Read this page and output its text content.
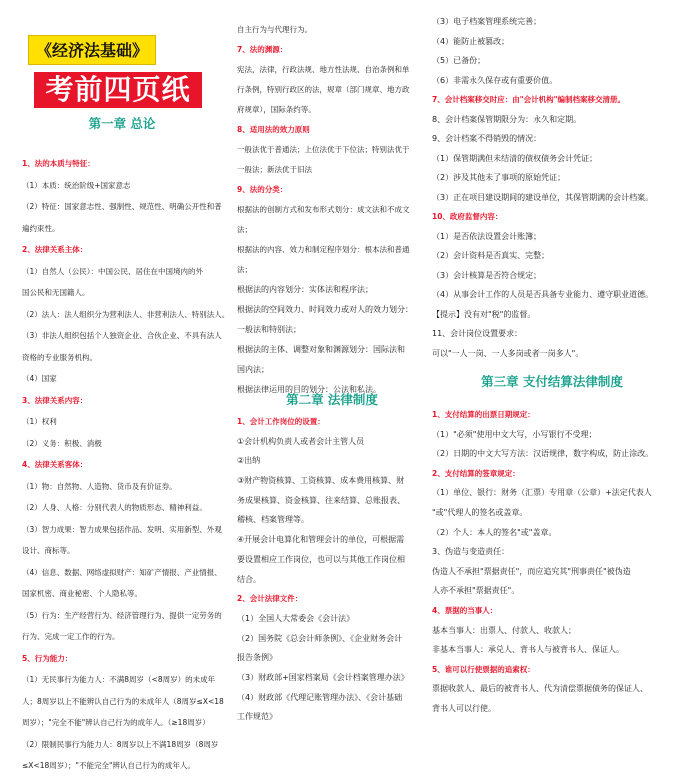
《经济法基础》
考前四页纸
第一章 总论
第二章 法律制度
第三章 支付结算法律制度
1、法的本质与特征：
（1）本质：统治阶级+国家意志
（2）特征：国家意志性、强制性、规范性、明确公开性和普
遍约束性。
2、法律关系主体：
（1）自然人（公民）：中国公民、居住在中国境内的外
国公民和无国籍人。
（2）法人：法人组织分为营利法人、非营利法人、特别法人。
（3）非法人组织包括个人独资企业、合伙企业、不具有法人
资格的专业服务机构。
（4）国家
3、法律关系内容：
（1）权利
（2）义务：积极、消极
4、法律关系客体：
（1）物：自然物、人造物、货币及有价证券。
（2）人身、人格：分别代表人的物质形态、精神利益。
（3）智力成果：智力成果包括作品、发明、实用新型、外观
设计、商标等。
（4）信息、数据、网络虚拟财产：知矿产情报、产业情报、
国家机密、商业秘密、个人隐私等。
（5）行为：生产经营行为、经济管理行为、提供一定劳务的
行为、完成一定工作的行为。
5、行为能力：
（1）无民事行为能力人：不满8周岁（<8周岁）的未成年
人；8周岁以上不能辨认自己行为的未成年人（8周岁≤X<18
周岁）；"完全不能"辨认自己行为的成年人。（≥18周岁）
（2）限制民事行为能力人：8周岁以上不满18周岁（8周岁
≤X<18周岁）；"不能完全"辨认自己行为的成年人。
自主行为与代理行为。
7、法的渊源：
宪法，法律，行政法规、地方性法规、自治条例和单
行条例，特别行政区的法，规章（部门规章、地方政
府规章），国际条约等。
8、适用法的效力原则
一般法优于普通法；上位法优于下位法；特别法优于
一般法；新法优于旧法
9、法的分类：
根据法的创制方式和发布形式划分：成文法和不成文
法；
根据法的内容、效力和制定程序划分：根本法和普通
法；
根据法的内容划分：实体法和程序法；
根据法的空间效力、时间效力或对人的效力划分：
一般法和特别法；
根据法的主体、调整对象和渊源划分：国际法和
国内法；
根据法律运用的目的划分：公法和私法。
1、会计工作岗位的设置：
①会计机构负责人或者会计主管人员
②出纳
③财产物资核算、工资核算、成本费用核算、财
务成果核算、资金核算、往来结算、总账报表、
稽核、档案管理等。
④开展会计电算化和管理会计的单位，可根据需
要设置相应工作岗位，也可以与其他工作岗位相
结合。
2、会计法律文件：
（1）全国人大常委会《会计法》
（2）国务院《总会计师条例》、《企业财务会计
报告条例》
（3）财政部+国家档案局《会计档案管理办法》
（4）财政部《代理记账管理办法》、《会计基础
工作规范》
（3）电子档案管理系统完善；
（4）能防止被篡改；
（5）已备份；
（6）非需永久保存或有重要价值。
7、会计档案移交时应：由"会计机构"编制档案移交清册。
8、会计档案保管期限分为：永久和定期。
9、会计档案不得销毁的情况：
（1）保管期满但未结清的债权债务会计凭证；
（2）涉及其他未了事项的原始凭证；
（3）正在项目建设期间的建设单位，其保管期满的会计档案。
10、政府监督内容：
（1）是否依法设置会计账簿；
（2）会计资料是否真实、完整；
（3）会计核算是否符合规定；
（4）从事会计工作的人员是否具备专业能力、遵守职业道德。
【提示】没有对"税"的监督。
11、会计岗位设置要求：
可以"一人一岗、一人多岗或者一岗多人"。
1、支付结算的出票日期规定：
（1）"必须"使用中文大写，小写银行不受理；
（2）日期的中文大写方法：汉语规律，数字构成，防止涂改。
2、支付结算的签章规定：
（1）单位、银行：财务（汇票）专用章（公章）+法定代表人
"或"代理人的签名或盖章。
（2）个人：本人的签名"或"盖章。
3、伪造与变造责任：
伪造人不承担"票据责任"，而应追究其"刑事责任"被伪造
人亦不承担"票据责任"。
4、票据的当事人：
基本当事人：出票人、付款人、收款人；
非基本当事人：承兑人、背书人与被背书人、保证人。
5、谁可以行使票据的追索权：
票据收款人、最后的被背书人、代为清偿票据债务的保证人、
背书人可以行使。
